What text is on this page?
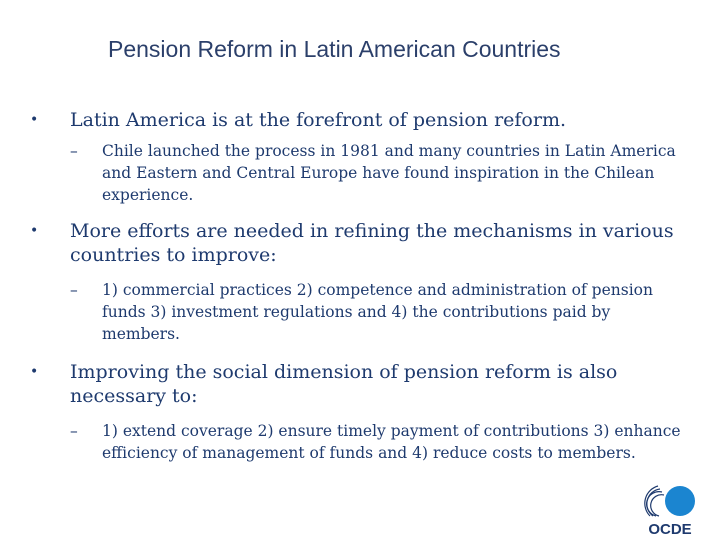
Pension Reform in Latin American Countries
•	Latin America is at the forefront of pension reform.
–	Chile launched the process in 1981 and many countries in Latin America and Eastern and Central Europe have found inspiration in the Chilean experience.
•	More efforts are needed in refining the mechanisms in various countries to improve:
–	1) commercial practices 2) competence and administration of pension funds 3) investment regulations and 4) the contributions paid by members.
•	Improving the social dimension of pension reform is also necessary to:
–	1) extend coverage 2) ensure timely payment of contributions 3) enhance efficiency of management of funds and 4) reduce costs to members.
OCDE
